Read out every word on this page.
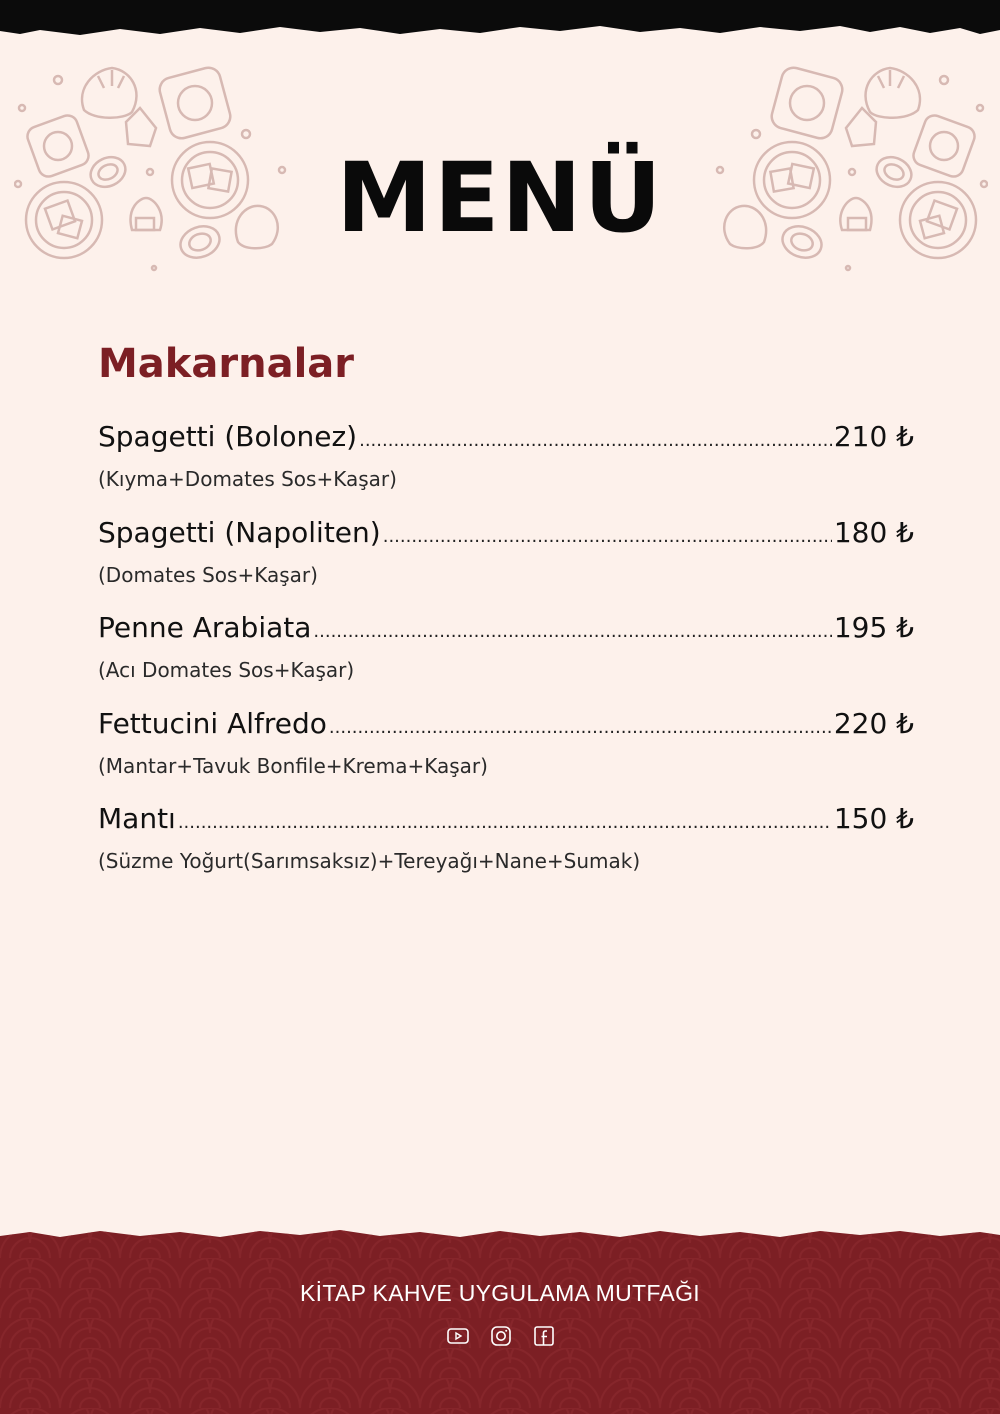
MENÜ
Makarnalar
Spagetti (Bolonez) .....	210 ₺
(Kıyma+Domates Sos+Kaşar)
Spagetti (Napoliten) .....	180 ₺
(Domates Sos+Kaşar)
Penne Arabiata .....	195 ₺
(Acı Domates Sos+Kaşar)
Fettucini Alfredo .....	220 ₺
(Mantar+Tavuk Bonfile+Krema+Kaşar)
Mantı .....	150 ₺
(Süzme Yoğurt(Sarımsaksız)+Tereyağı+Nane+Sumak)
KİTAP KAHVE UYGULAMA MUTFAĞI
